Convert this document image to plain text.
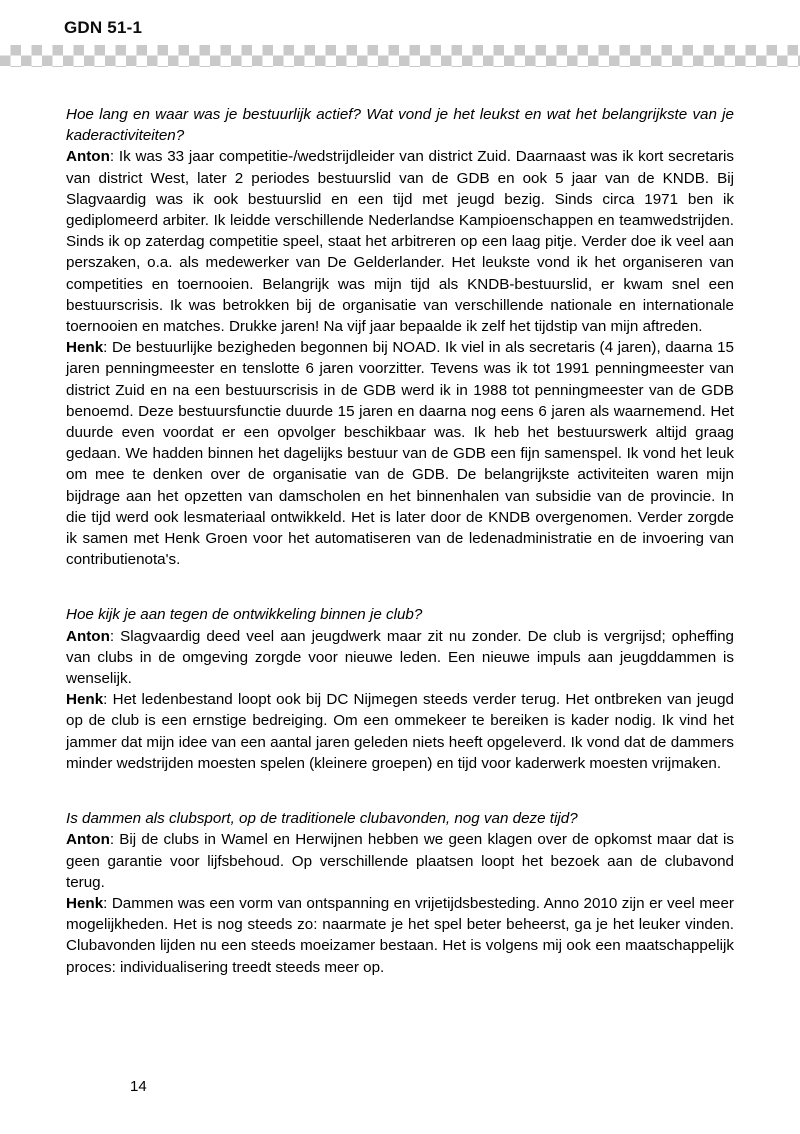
GDN 51-1

Hoe lang en waar was je bestuurlijk actief? Wat vond je het leukst en wat het belangrijkste van je kaderactiviteiten?

Anton: Ik was 33 jaar competitie-/wedstrijdleider van district Zuid. Daarnaast was ik kort secretaris van district West, later 2 periodes bestuurslid van de GDB en ook 5 jaar van de KNDB. Bij Slagvaardig was ik ook bestuurslid en een tijd met jeugd bezig. Sinds circa 1971 ben ik gediplomeerd arbiter. Ik leidde verschillende Nederlandse Kampioenschappen en teamwedstrijden. Sinds ik op zaterdag competitie speel, staat het arbitreren op een laag pitje. Verder doe ik veel aan perszaken, o.a. als medewerker van De Gelderlander. Het leukste vond ik het organiseren van competities en toernooien. Belangrijk was mijn tijd als KNDB-bestuurslid, er kwam snel een bestuurscrisis. Ik was betrokken bij de organisatie van verschillende nationale en internationale toernooien en matches. Drukke jaren! Na vijf jaar bepaalde ik zelf het tijdstip van mijn aftreden.

Henk: De bestuurlijke bezigheden begonnen bij NOAD. Ik viel in als secretaris (4 jaren), daarna 15 jaren penningmeester en tenslotte 6 jaren voorzitter. Tevens was ik tot 1991 penningmeester van district Zuid en na een bestuurscrisis in de GDB werd ik in 1988 tot penningmeester van de GDB benoemd. Deze bestuursfunctie duurde 15 jaren en daarna nog eens 6 jaren als waarnemend. Het duurde even voordat er een opvolger beschikbaar was. Ik heb het bestuurswerk altijd graag gedaan. We hadden binnen het dagelijks bestuur van de GDB een fijn samenspel. Ik vond het leuk om mee te denken over de organisatie van de GDB. De belangrijkste activiteiten waren mijn bijdrage aan het opzetten van damscholen en het binnenhalen van subsidie van de provincie. In die tijd werd ook lesmateriaal ontwikkeld. Het is later door de KNDB overgenomen. Verder zorgde ik samen met Henk Groen voor het automatiseren van de ledenadministratie en de invoering van contributienota's.

Hoe kijk je aan tegen de ontwikkeling binnen je club?

Anton: Slagvaardig deed veel aan jeugdwerk maar zit nu zonder. De club is vergrijsd; opheffing van clubs in de omgeving zorgde voor nieuwe leden. Een nieuwe impuls aan jeugddammen is wenselijk.

Henk: Het ledenbestand loopt ook bij DC Nijmegen steeds verder terug. Het ontbreken van jeugd op de club is een ernstige bedreiging. Om een ommekeer te bereiken is kader nodig. Ik vind het jammer dat mijn idee van een aantal jaren geleden niets heeft opgeleverd. Ik vond dat de dammers minder wedstrijden moesten spelen (kleinere groepen) en tijd voor kaderwerk moesten vrijmaken.

Is dammen als clubsport, op de traditionele clubavonden, nog van deze tijd?

Anton: Bij de clubs in Wamel en Herwijnen hebben we geen klagen over de opkomst maar dat is geen garantie voor lijfsbehoud. Op verschillende plaatsen loopt het bezoek aan de clubavond terug.

Henk: Dammen was een vorm van ontspanning en vrijetijdsbesteding. Anno 2010 zijn er veel meer mogelijkheden. Het is nog steeds zo: naarmate je het spel beter beheerst, ga je het leuker vinden. Clubavonden lijden nu een steeds moeizamer bestaan. Het is volgens mij ook een maatschappelijk proces: individualisering treedt steeds meer op.

14
